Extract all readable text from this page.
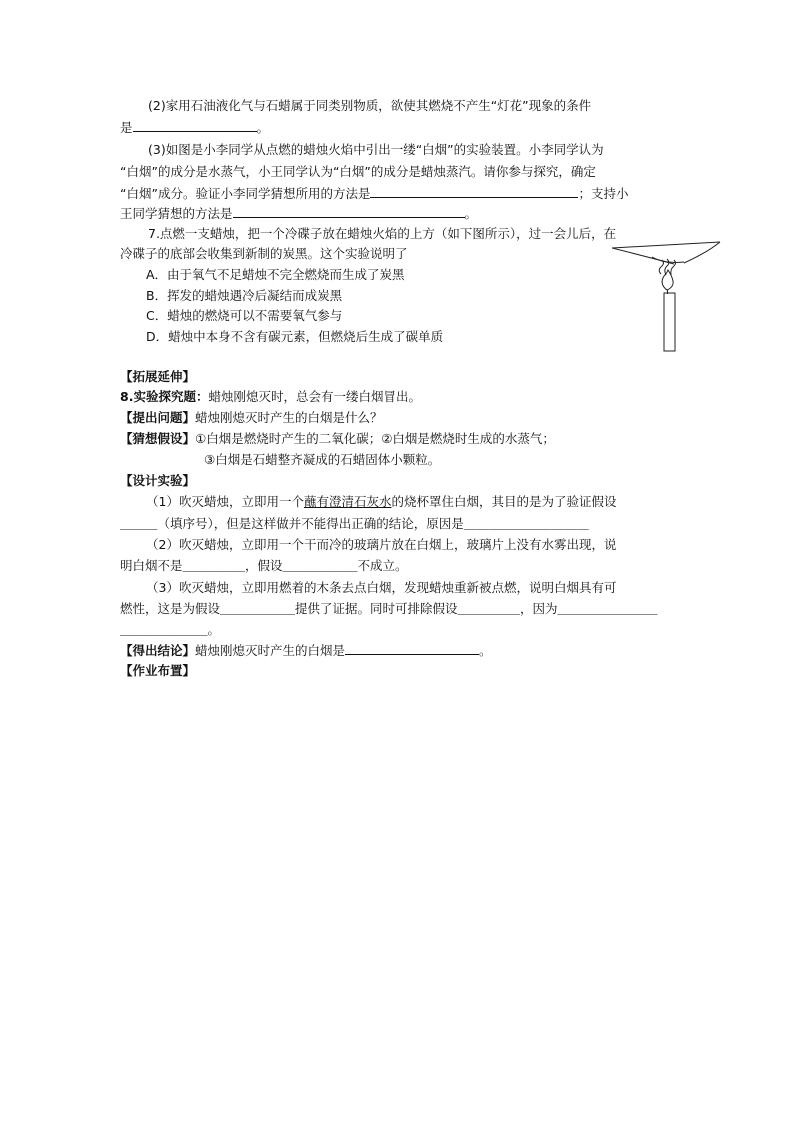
(2)家用石油液化气与石蜡属于同类别物质，欲使其燃烧不产生“灯花”现象的条件
是	。
(3)如图是小李同学从点燃的蜡烛火焰中引出一缕“白烟”的实验装置。小李同学认为
“白烟”的成分是水蒸气，小王同学认为“白烟”的成分是蜡烛蒸汽。请你参与探究，确定
“白烟”成分。验证小李同学猜想所用的方法是	；支持小
王同学猜想的方法是	。
7.点燃一支蜡烛，把一个冷碟子放在蜡烛火焰的上方（如下图所示），过一会儿后，在
冷碟子的底部会收集到新制的炭黑。这个实验说明了
A．由于氧气不足蜡烛不完全燃烧而生成了炭黑
B．挥发的蜡烛遇冷后凝结而成炭黑
C．蜡烛的燃烧可以不需要氧气参与
D．蜡烛中本身不含有碳元素，但燃烧后生成了碳单质
【拓展延伸】
8.实验探究题：蜡烛刚熄灭时，总会有一缕白烟冒出。
【提出问题】蜡烛刚熄灭时产生的白烟是什么？
【猜想假设】①白烟是燃烧时产生的二氧化碳；②白烟是燃烧时生成的水蒸气；
③白烟是石蜡整齐凝成的石蜡固体小颗粒。
【设计实验】
（1）吹灭蜡烛，立即用一个蘸有澄清石灰水的烧杯罩住白烟，其目的是为了验证假设
＿＿＿（填序号），但是这样做并不能得出正确的结论，原因是＿＿＿＿＿＿＿＿＿＿
（2）吹灭蜡烛，立即用一个干而冷的玻璃片放在白烟上，玻璃片上没有水雾出现，说
明白烟不是＿＿＿＿＿，假设＿＿＿＿＿＿不成立。
（3）吹灭蜡烛，立即用燃着的木条去点白烟，发现蜡烛重新被点燃，说明白烟具有可
燃性，这是为假设＿＿＿＿＿＿提供了证据。同时可排除假设＿＿＿＿＿，因为＿＿＿＿＿＿＿＿
＿＿＿＿＿＿＿。
【得出结论】蜡烛刚熄灭时产生的白烟是	。
【作业布置】
